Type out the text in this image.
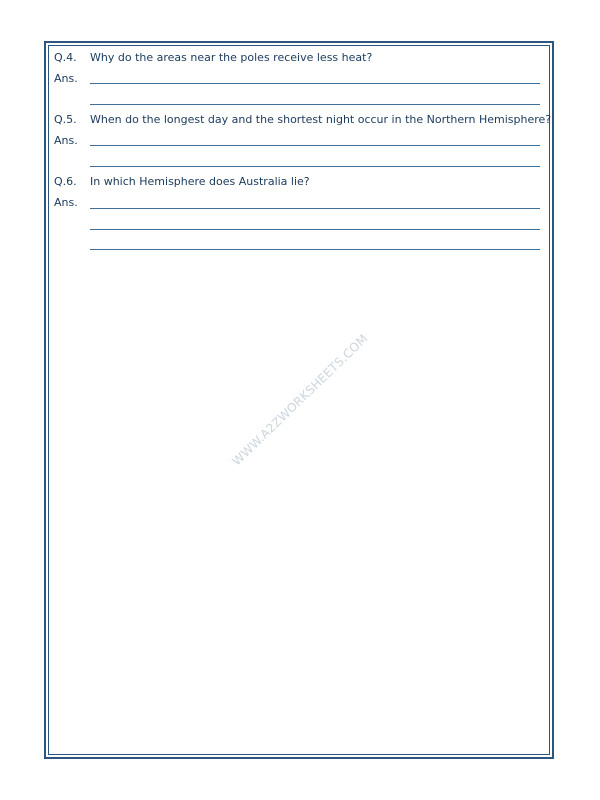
Q.4. Why do the areas near the poles receive less heat?
Ans.
Q.5. When do the longest day and the shortest night occur in the Northern Hemisphere?
Ans.
Q.6. In which Hemisphere does Australia lie?
Ans.
WWW.A2ZWORKSHEETS.COM
